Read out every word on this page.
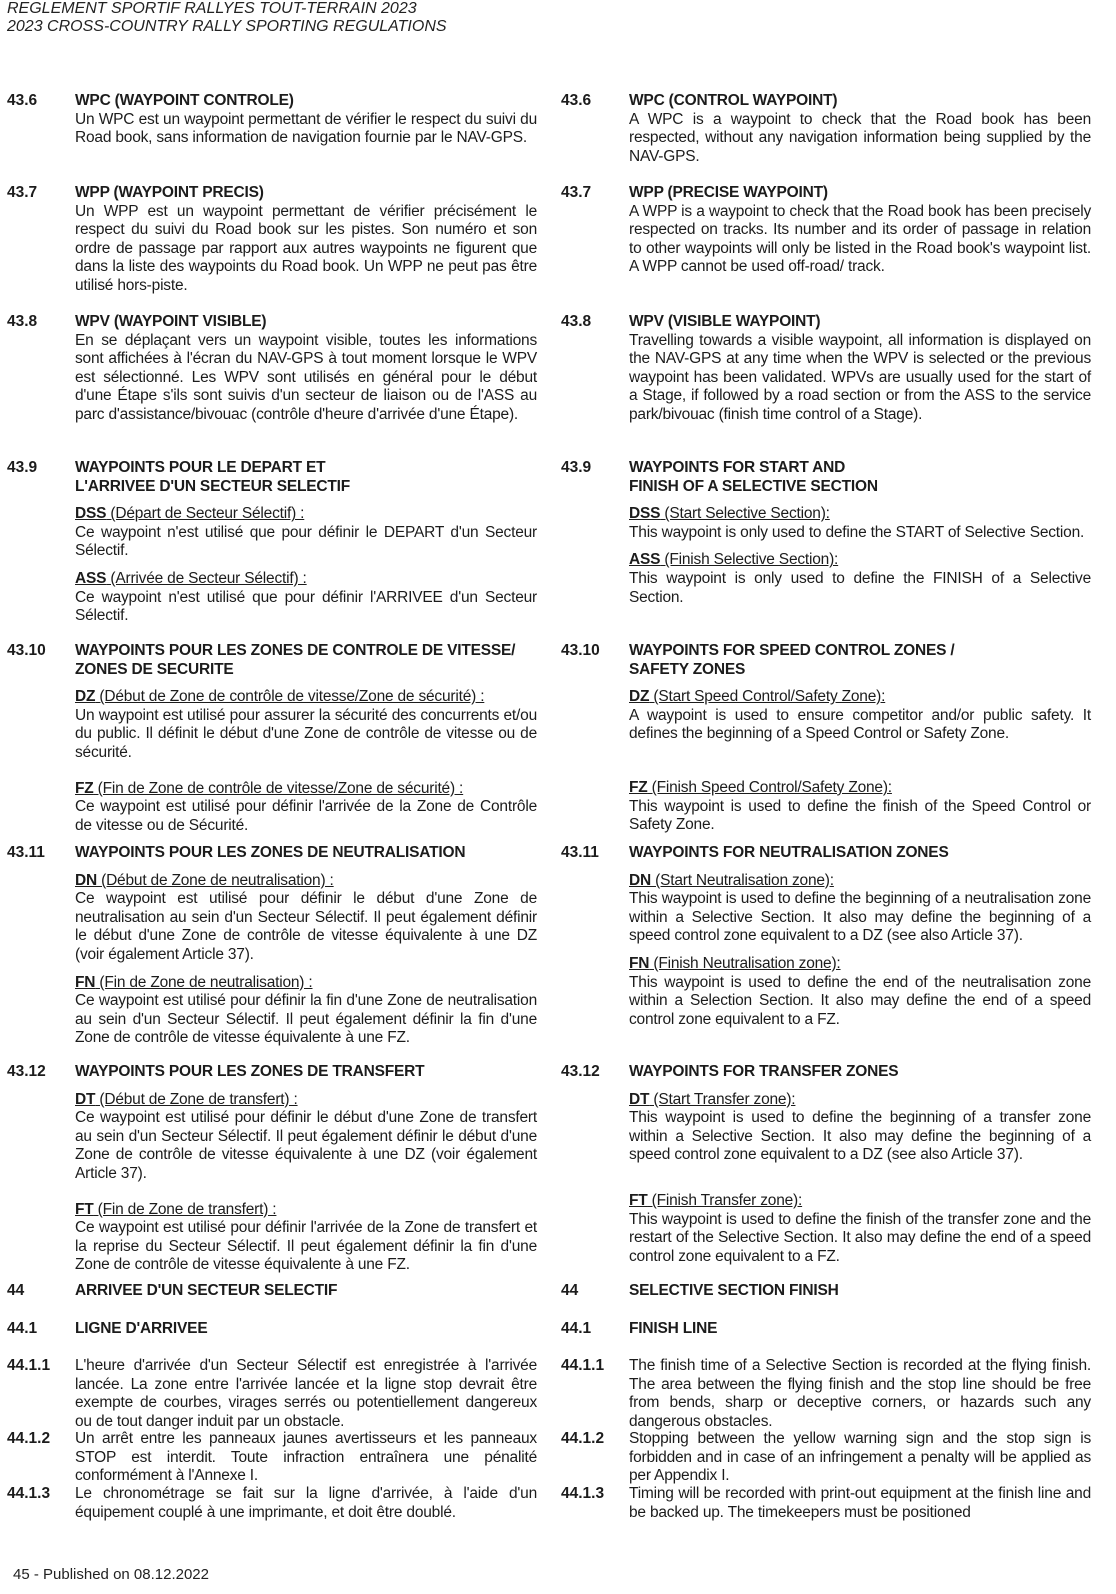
REGLEMENT SPORTIF RALLYES TOUT-TERRAIN 2023
2023 CROSS-COUNTRY RALLY SPORTING REGULATIONS
43.6	WPC (WAYPOINT CONTROLE)
Un WPC est un waypoint permettant de vérifier le respect du suivi du Road book, sans information de navigation fournie par le NAV-GPS.
43.7	WPP (WAYPOINT PRECIS)
Un WPP est un waypoint permettant de vérifier précisément le respect du suivi du Road book sur les pistes. Son numéro et son ordre de passage par rapport aux autres waypoints ne figurent que dans la liste des waypoints du Road book. Un WPP ne peut pas être utilisé hors-piste.
43.8	WPV (WAYPOINT VISIBLE)
En se déplaçant vers un waypoint visible, toutes les informations sont affichées à l'écran du NAV-GPS à tout moment lorsque le WPV est sélectionné. Les WPV sont utilisés en général pour le début d'une Étape s'ils sont suivis d'un secteur de liaison ou de l'ASS au parc d'assistance/bivouac (contrôle d'heure d'arrivée d'une Étape).
43.9	WAYPOINTS POUR LE DEPART ET
L'ARRIVEE D'UN SECTEUR SELECTIF
DSS (Départ de Secteur Sélectif) :
Ce waypoint n'est utilisé que pour définir le DEPART d'un Secteur Sélectif.
ASS (Arrivée de Secteur Sélectif) :
Ce waypoint n'est utilisé que pour définir l'ARRIVEE d'un Secteur Sélectif.
43.10	WAYPOINTS POUR LES ZONES DE CONTROLE DE VITESSE/
ZONES DE SECURITE
DZ (Début de Zone de contrôle de vitesse/Zone de sécurité) :
Un waypoint est utilisé pour assurer la sécurité des concurrents et/ou du public. Il définit le début d'une Zone de contrôle de vitesse ou de sécurité.
FZ (Fin de Zone de contrôle de vitesse/Zone de sécurité) :
Ce waypoint est utilisé pour définir l'arrivée de la Zone de Contrôle de vitesse ou de Sécurité.
43.11	WAYPOINTS POUR LES ZONES DE NEUTRALISATION
DN (Début de Zone de neutralisation) :
Ce waypoint est utilisé pour définir le début d'une Zone de neutralisation au sein d'un Secteur Sélectif. Il peut également définir le début d'une Zone de contrôle de vitesse équivalente à une DZ (voir également Article 37).
FN (Fin de Zone de neutralisation) :
Ce waypoint est utilisé pour définir la fin d'une Zone de neutralisation au sein d'un Secteur Sélectif. Il peut également définir la fin d'une Zone de contrôle de vitesse équivalente à une FZ.
43.12	WAYPOINTS POUR LES ZONES DE TRANSFERT
DT (Début de Zone de transfert) :
Ce waypoint est utilisé pour définir le début d'une Zone de transfert au sein d'un Secteur Sélectif. Il peut également définir le début d'une Zone de contrôle de vitesse équivalente à une DZ (voir également Article 37).
FT (Fin de Zone de transfert) :
Ce waypoint est utilisé pour définir l'arrivée de la Zone de transfert et la reprise du Secteur Sélectif. Il peut également définir la fin d'une Zone de contrôle de vitesse équivalente à une FZ.
44	ARRIVEE D'UN SECTEUR SELECTIF
44.1	LIGNE D'ARRIVEE
44.1.1	L'heure d'arrivée d'un Secteur Sélectif est enregistrée à l'arrivée lancée. La zone entre l'arrivée lancée et la ligne stop devrait être exempte de courbes, virages serrés ou potentiellement dangereux ou de tout danger induit par un obstacle.
44.1.2	Un arrêt entre les panneaux jaunes avertisseurs et les panneaux STOP est interdit. Toute infraction entraînera une pénalité conformément à l'Annexe I.
44.1.3	Le chronométrage se fait sur la ligne d'arrivée, à l'aide d'un équipement couplé à une imprimante, et doit être doublé.
43.6	WPC (CONTROL WAYPOINT)
A WPC is a waypoint to check that the Road book has been respected, without any navigation information being supplied by the NAV-GPS.
43.7	WPP (PRECISE WAYPOINT)
A WPP is a waypoint to check that the Road book has been precisely respected on tracks. Its number and its order of passage in relation to other waypoints will only be listed in the Road book's waypoint list. A WPP cannot be used off-road/ track.
43.8	WPV (VISIBLE WAYPOINT)
Travelling towards a visible waypoint, all information is displayed on the NAV-GPS at any time when the WPV is selected or the previous waypoint has been validated. WPVs are usually used for the start of a Stage, if followed by a road section or from the ASS to the service park/bivouac (finish time control of a Stage).
43.9	WAYPOINTS FOR START AND
FINISH OF A SELECTIVE SECTION
DSS (Start Selective Section):
This waypoint is only used to define the START of Selective Section.
ASS (Finish Selective Section):
This waypoint is only used to define the FINISH of a Selective Section.
43.10	WAYPOINTS FOR SPEED CONTROL ZONES /
SAFETY ZONES
DZ (Start Speed Control/Safety Zone):
A waypoint is used to ensure competitor and/or public safety. It defines the beginning of a Speed Control or Safety Zone.
FZ (Finish Speed Control/Safety Zone):
This waypoint is used to define the finish of the Speed Control or Safety Zone.
43.11	WAYPOINTS FOR NEUTRALISATION ZONES
DN (Start Neutralisation zone):
This waypoint is used to define the beginning of a neutralisation zone within a Selective Section. It also may define the beginning of a speed control zone equivalent to a DZ (see also Article 37).
FN (Finish Neutralisation zone):
This waypoint is used to define the end of the neutralisation zone within a Selection Section. It also may define the end of a speed control zone equivalent to a FZ.
43.12	WAYPOINTS FOR TRANSFER ZONES
DT (Start Transfer zone):
This waypoint is used to define the beginning of a transfer zone within a Selective Section. It also may define the beginning of a speed control zone equivalent to a DZ (see also Article 37).
FT (Finish Transfer zone):
This waypoint is used to define the finish of the transfer zone and the restart of the Selective Section. It also may define the end of a speed control zone equivalent to a FZ.
44	SELECTIVE SECTION FINISH
44.1	FINISH LINE
44.1.1	The finish time of a Selective Section is recorded at the flying finish. The area between the flying finish and the stop line should be free from bends, sharp or deceptive corners, or hazards such any dangerous obstacles.
44.1.2	Stopping between the yellow warning sign and the stop sign is forbidden and in case of an infringement a penalty will be applied as per Appendix I.
44.1.3	Timing will be recorded with print-out equipment at the finish line and be backed up. The timekeepers must be positioned
45 - Published on 08.12.2022
